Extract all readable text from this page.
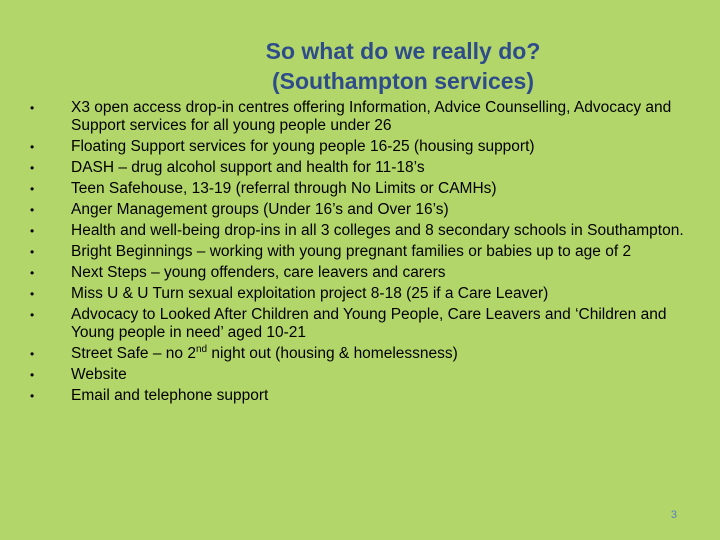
So what do we really do?
(Southampton services)
• X3 open access drop-in centres offering Information, Advice Counselling, Advocacy and Support services for all young people under 26
• Floating Support services for young people 16-25 (housing support)
• DASH – drug alcohol support and health for 11-18’s
• Teen Safehouse, 13-19 (referral through No Limits or CAMHs)
• Anger Management groups (Under 16’s and Over 16’s)
• Health and well-being drop-ins in all 3 colleges and 8 secondary schools in Southampton.
• Bright Beginnings – working with young pregnant families or babies up to age of 2
• Next Steps – young offenders, care leavers and carers
• Miss U & U Turn sexual exploitation project 8-18 (25 if a Care Leaver)
• Advocacy to Looked After Children and Young People, Care Leavers and ‘Children and Young people in need’ aged 10-21
• Street Safe – no 2nd night out (housing & homelessness)
• Website
• Email and telephone support
3
